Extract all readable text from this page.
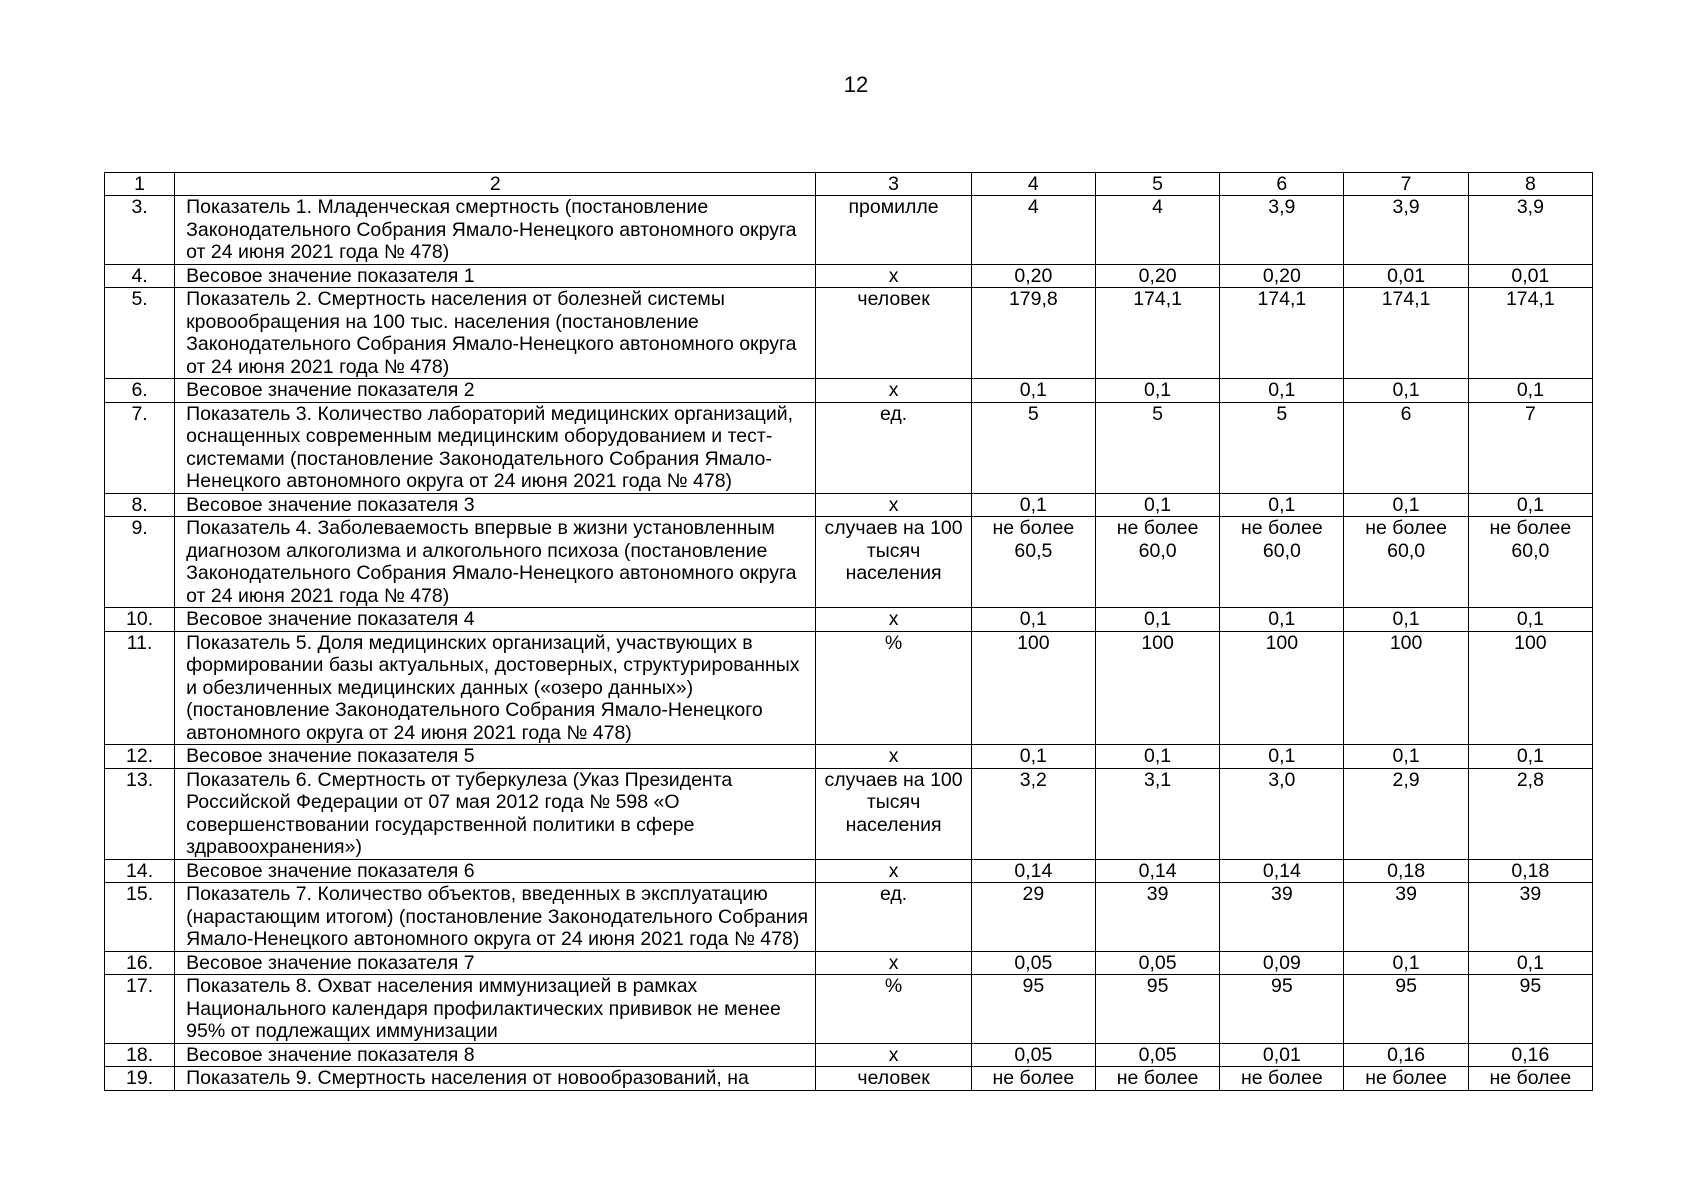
12
1	2	3	4	5	6	7	8
3.	Показатель 1. Младенческая смертность (постановление Законодательного Собрания Ямало-Ненецкого автономного округа от 24 июня 2021 года № 478)	промилле	4	4	3,9	3,9	3,9
4.	Весовое значение показателя 1	х	0,20	0,20	0,20	0,01	0,01
5.	Показатель 2. Смертность населения от болезней системы кровообращения на 100 тыс. населения (постановление Законодательного Собрания Ямало-Ненецкого автономного округа от 24 июня 2021 года № 478)	человек	179,8	174,1	174,1	174,1	174,1
6.	Весовое значение показателя 2	х	0,1	0,1	0,1	0,1	0,1
7.	Показатель 3. Количество лабораторий медицинских организаций, оснащенных современным медицинским оборудованием и тест-системами (постановление Законодательного Собрания Ямало-Ненецкого автономного округа от 24 июня 2021 года № 478)	ед.	5	5	5	6	7
8.	Весовое значение показателя 3	х	0,1	0,1	0,1	0,1	0,1
9.	Показатель 4. Заболеваемость впервые в жизни установленным диагнозом алкоголизма и алкогольного психоза (постановление Законодательного Собрания Ямало-Ненецкого автономного округа от 24 июня 2021 года № 478)	случаев на 100 тысяч населения	не более 60,5	не более 60,0	не более 60,0	не более 60,0	не более 60,0
10.	Весовое значение показателя 4	х	0,1	0,1	0,1	0,1	0,1
11.	Показатель 5. Доля медицинских организаций, участвующих в формировании базы актуальных, достоверных, структурированных и обезличенных медицинских данных («озеро данных») (постановление Законодательного Собрания Ямало-Ненецкого автономного округа от 24 июня 2021 года № 478)	%	100	100	100	100	100
12.	Весовое значение показателя 5	х	0,1	0,1	0,1	0,1	0,1
13.	Показатель 6. Смертность от туберкулеза (Указ Президента Российской Федерации от 07 мая 2012 года № 598 «О совершенствовании государственной политики в сфере здравоохранения»)	случаев на 100 тысяч населения	3,2	3,1	3,0	2,9	2,8
14.	Весовое значение показателя 6	х	0,14	0,14	0,14	0,18	0,18
15.	Показатель 7. Количество объектов, введенных в эксплуатацию (нарастающим итогом) (постановление Законодательного Собрания Ямало-Ненецкого автономного округа от 24 июня 2021 года № 478)	ед.	29	39	39	39	39
16.	Весовое значение показателя 7	х	0,05	0,05	0,09	0,1	0,1
17.	Показатель 8. Охват населения иммунизацией в рамках Национального календаря профилактических прививок не менее 95% от подлежащих иммунизации	%	95	95	95	95	95
18.	Весовое значение показателя 8	х	0,05	0,05	0,01	0,16	0,16
19.	Показатель 9. Смертность населения от новообразований, на	человек	не более	не более	не более	не более	не более
